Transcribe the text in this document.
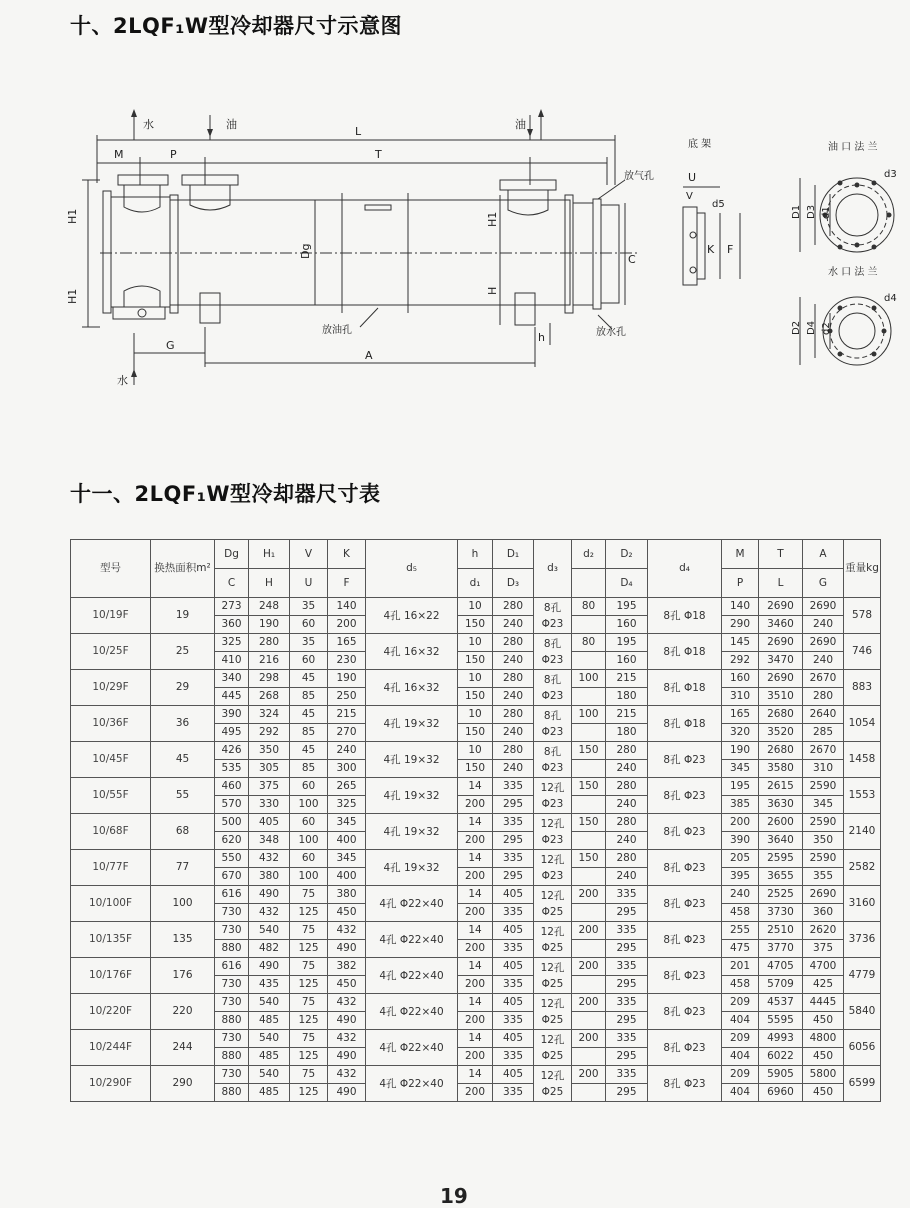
十、2LQF₁W型冷却器尺寸示意图
水	油	油
L
M	P	T
H1
H1
Dg
H1
H
C
G
A
h
水
放油孔
放气孔
放水孔
底 架
U
V
d5
K F
油 口 法 兰
d3
D1 D3 d1
水 口 法 兰
d4
D2 D4 d2
十一、2LQF₁W型冷却器尺寸表
型号	换热面积m²	Dg	H₁	V	K	d₅	h	D₁	d₃	d₂	D₂	d₄	M	T	A	重量kg
		C	H	U	F		d₁	D₃			D₄		P	L	G	
10/19F	19	273	248	35	140	4孔 16×22	10	280	8孔 Φ23	80	195	8孔 Φ18	140	2690	2690	578
		360	190	60	200		150	240			160		290	3460	240	
10/25F	25	325	280	35	165	4孔 16×32	10	280	8孔 Φ23	80	195	8孔 Φ18	145	2690	2690	746
		410	216	60	230		150	240			160		292	3470	240	
10/29F	29	340	298	45	190	4孔 16×32	10	280	8孔 Φ23	100	215	8孔 Φ18	160	2690	2670	883
		445	268	85	250		150	240			180		310	3510	280	
10/36F	36	390	324	45	215	4孔 19×32	10	280	8孔 Φ23	100	215	8孔 Φ18	165	2680	2640	1054
		495	292	85	270		150	240			180		320	3520	285	
10/45F	45	426	350	45	240	4孔 19×32	10	280	8孔 Φ23	150	280	8孔 Φ23	190	2680	2670	1458
		535	305	85	300		150	240			240		345	3580	310	
10/55F	55	460	375	60	265	4孔 19×32	14	335	12孔 Φ23	150	280	8孔 Φ23	195	2615	2590	1553
		570	330	100	325		200	295			240		385	3630	345	
10/68F	68	500	405	60	345	4孔 19×32	14	335	12孔 Φ23	150	280	8孔 Φ23	200	2600	2590	2140
		620	348	100	400		200	295			240		390	3640	350	
10/77F	77	550	432	60	345	4孔 19×32	14	335	12孔 Φ23	150	280	8孔 Φ23	205	2595	2590	2582
		670	380	100	400		200	295			240		395	3655	355	
10/100F	100	616	490	75	380	4孔 Φ22×40	14	405	12孔 Φ25	200	335	8孔 Φ23	240	2525	2690	3160
		730	432	125	450		200	335			295		458	3730	360	
10/135F	135	730	540	75	432	4孔 Φ22×40	14	405	12孔 Φ25	200	335	8孔 Φ23	255	2510	2620	3736
		880	482	125	490		200	335			295		475	3770	375	
10/176F	176	616	490	75	382	4孔 Φ22×40	14	405	12孔 Φ25	200	335	8孔 Φ23	201	4705	4700	4779
		730	435	125	450		200	335			295		458	5709	425	
10/220F	220	730	540	75	432	4孔 Φ22×40	14	405	12孔 Φ25	200	335	8孔 Φ23	209	4537	4445	5840
		880	485	125	490		200	335			295		404	5595	450	
10/244F	244	730	540	75	432	4孔 Φ22×40	14	405	12孔 Φ25	200	335	8孔 Φ23	209	4993	4800	6056
		880	485	125	490		200	335			295		404	6022	450	
10/290F	290	730	540	75	432	4孔 Φ22×40	14	405	12孔 Φ25	200	335	8孔 Φ23	209	5905	5800	6599
		880	485	125	490		200	335			295		404	6960	450	
19
